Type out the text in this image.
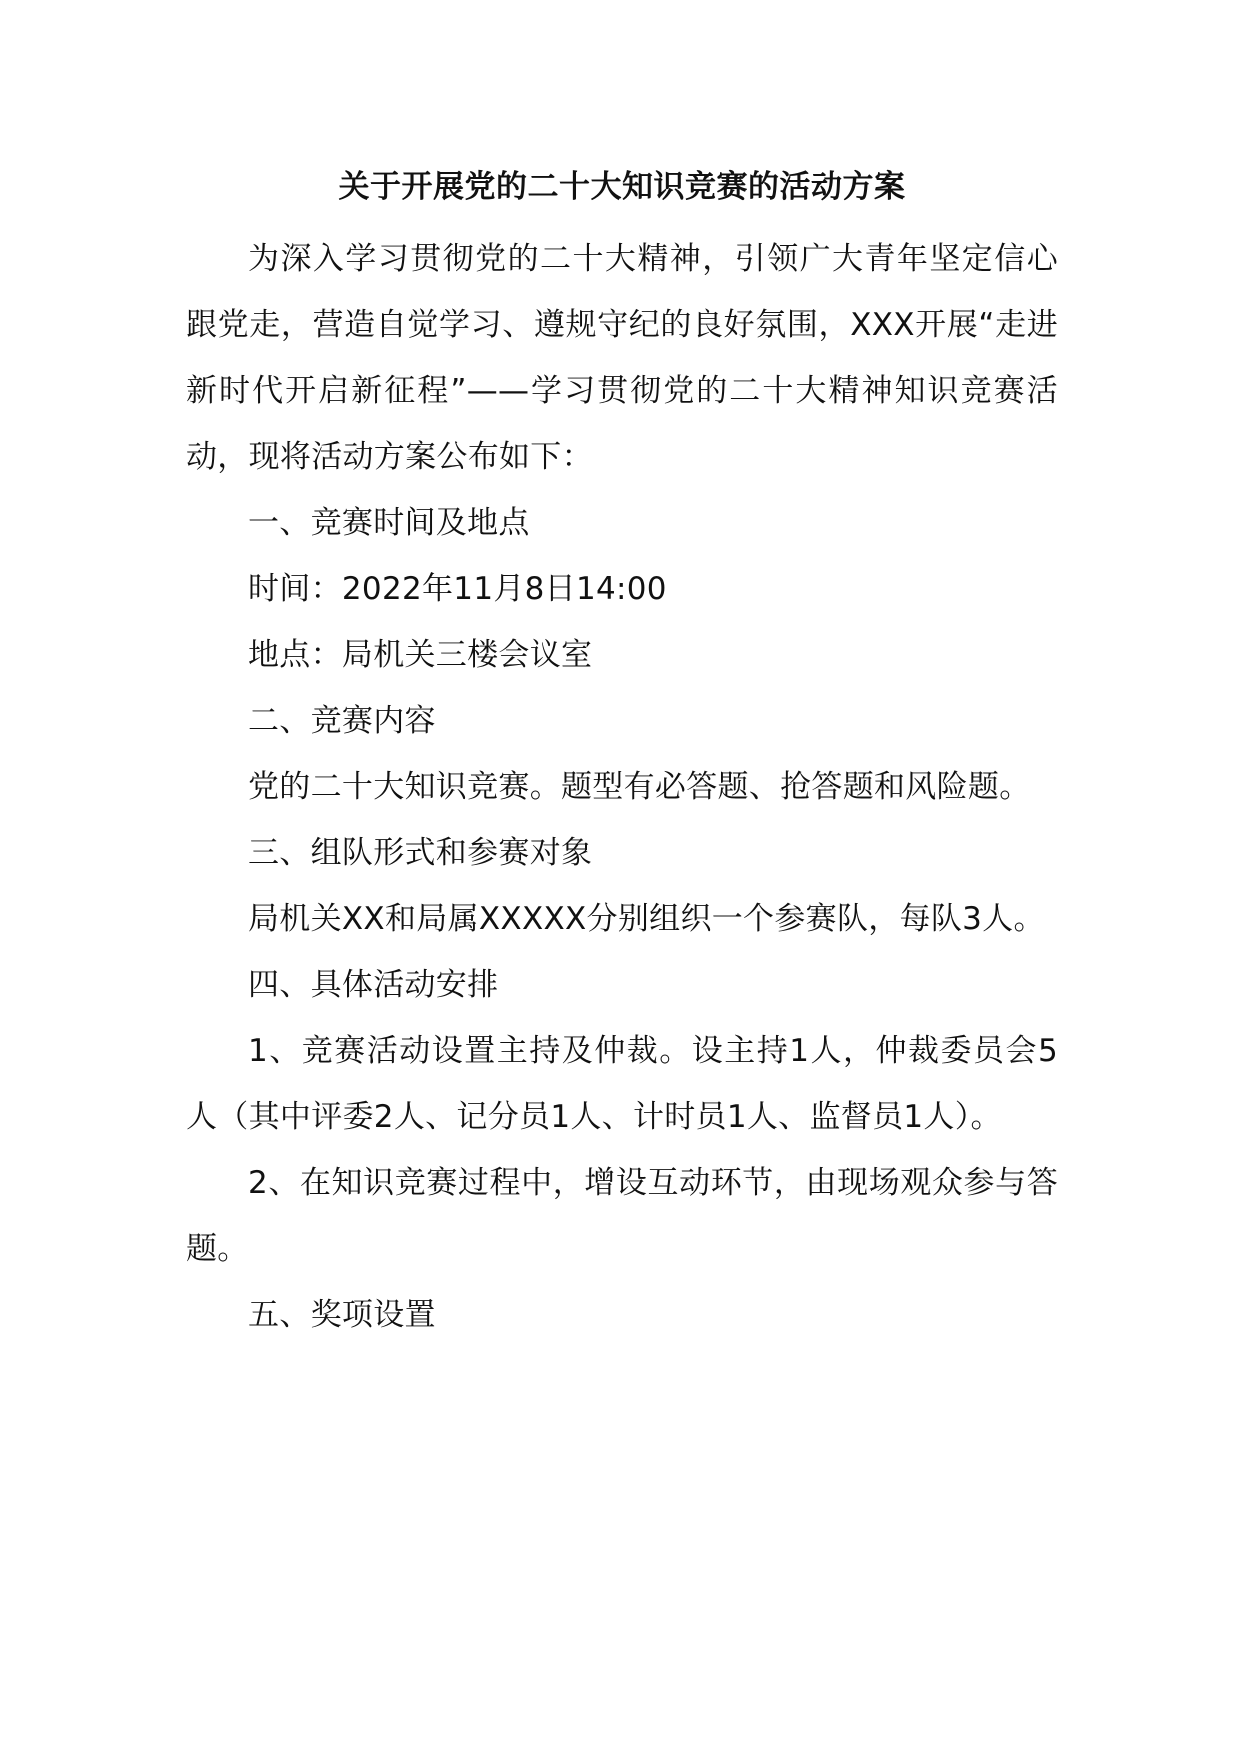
关于开展党的二十大知识竞赛的活动方案

为深入学习贯彻党的二十大精神，引领广大青年坚定信心跟党走，营造自觉学习、遵规守纪的良好氛围，XXX开展“走进新时代开启新征程”——学习贯彻党的二十大精神知识竞赛活动，现将活动方案公布如下：

一、竞赛时间及地点

时间：2022年11月8日14:00

地点：局机关三楼会议室

二、竞赛内容

党的二十大知识竞赛。题型有必答题、抢答题和风险题。

三、组队形式和参赛对象

局机关XX和局属XXXXX分别组织一个参赛队，每队3人。

四、具体活动安排

1、竞赛活动设置主持及仲裁。设主持1人，仲裁委员会5人（其中评委2人、记分员1人、计时员1人、监督员1人）。

2、在知识竞赛过程中，增设互动环节，由现场观众参与答题。

五、奖项设置
